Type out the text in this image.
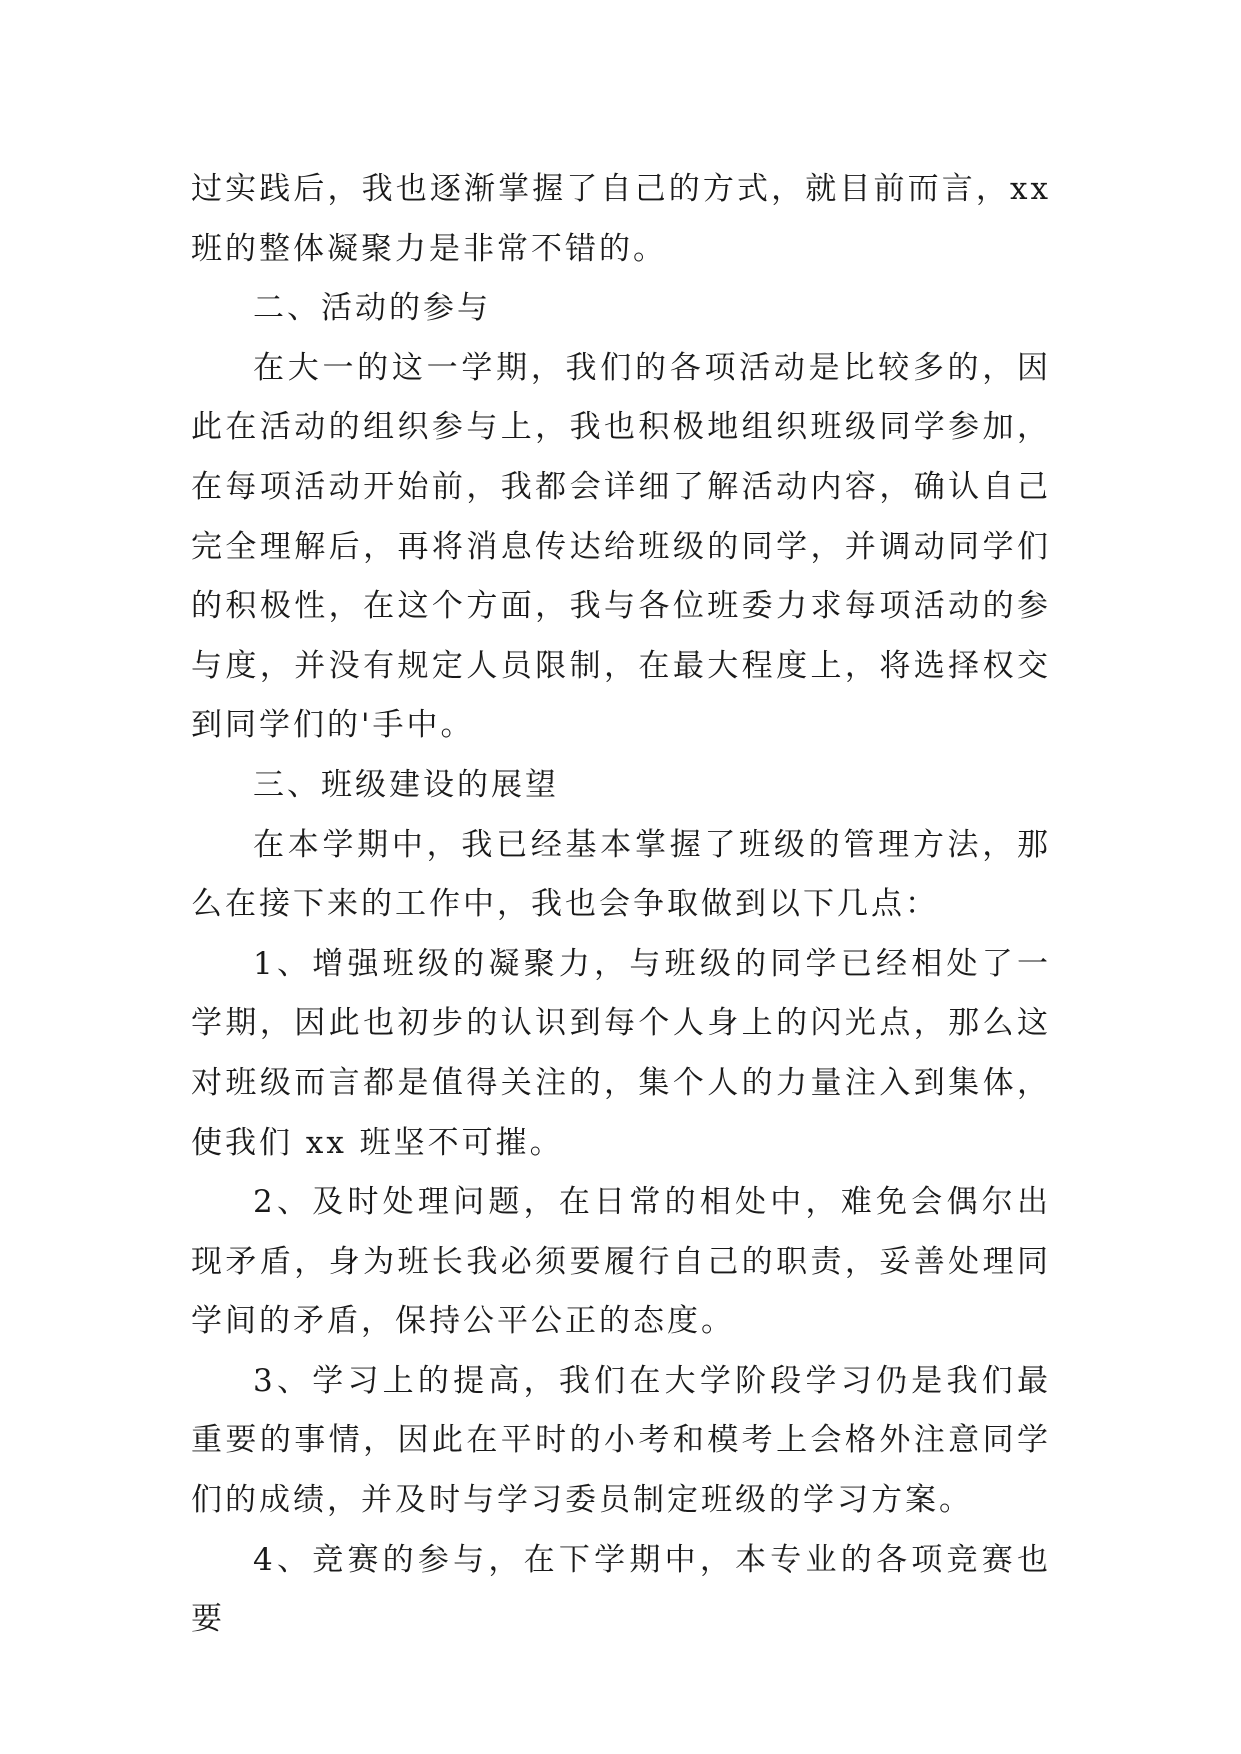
过实践后，我也逐渐掌握了自己的方式，就目前而言，xx 班的整体凝聚力是非常不错的。

二、活动的参与

在大一的这一学期，我们的各项活动是比较多的，因此在活动的组织参与上，我也积极地组织班级同学参加，在每项活动开始前，我都会详细了解活动内容，确认自己完全理解后，再将消息传达给班级的同学，并调动同学们的积极性，在这个方面，我与各位班委力求每项活动的参与度，并没有规定人员限制，在最大程度上，将选择权交到同学们的'手中。

三、班级建设的展望

在本学期中，我已经基本掌握了班级的管理方法，那么在接下来的工作中，我也会争取做到以下几点：

1、增强班级的凝聚力，与班级的同学已经相处了一学期，因此也初步的认识到每个人身上的闪光点，那么这对班级而言都是值得关注的，集个人的力量注入到集体，使我们 xx 班坚不可摧。

2、及时处理问题，在日常的相处中，难免会偶尔出现矛盾，身为班长我必须要履行自己的职责，妥善处理同学间的矛盾，保持公平公正的态度。

3、学习上的提高，我们在大学阶段学习仍是我们最重要的事情，因此在平时的小考和模考上会格外注意同学们的成绩，并及时与学习委员制定班级的学习方案。

4、竞赛的参与，在下学期中，本专业的各项竞赛也要
